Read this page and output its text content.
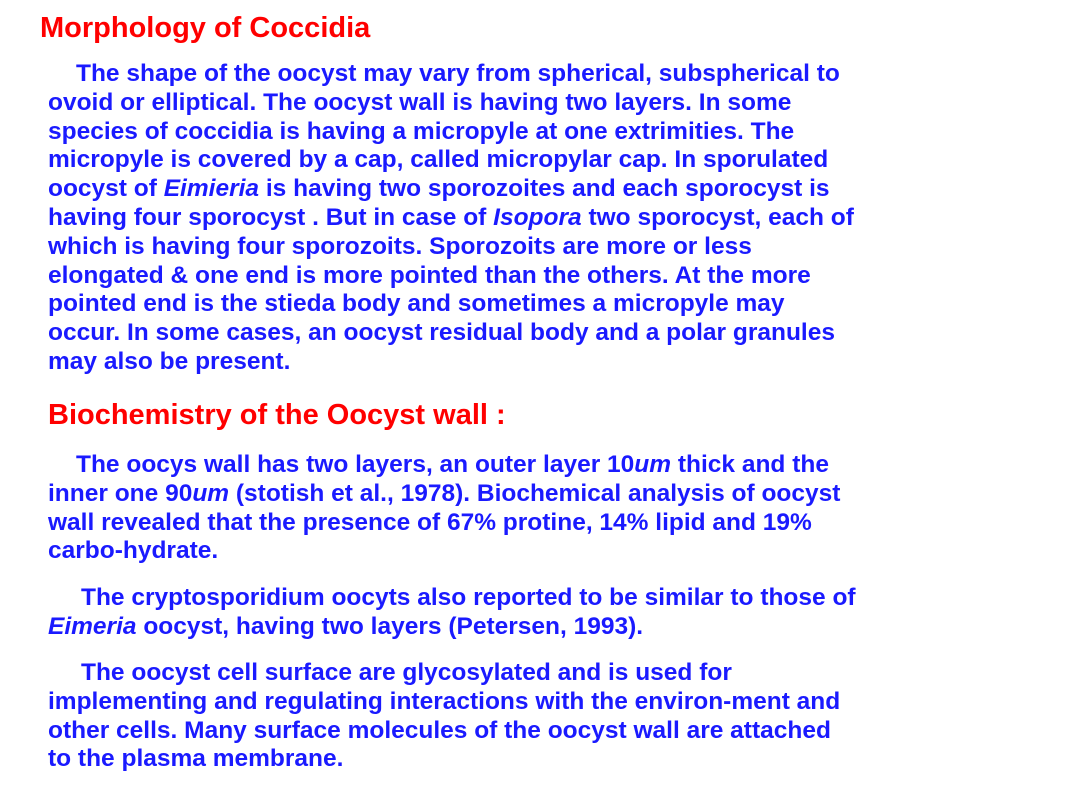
Morphology of Coccidia
The shape of the oocyst may vary from spherical, subspherical to
ovoid or elliptical. The oocyst wall is having two layers. In some
species of coccidia is having a micropyle at one extrimities. The
micropyle is covered by a cap, called micropylar cap. In sporulated
oocyst of Eimieria is having two sporozoites and each sporocyst is
having four sporocyst . But in case of Isopora two sporocyst, each of
which is having four sporozoits. Sporozoits are more or less
elongated & one end is more pointed than the others. At the more
pointed end is the stieda body and sometimes a micropyle may
occur. In some cases, an oocyst residual body and a polar granules
may also be present.
Biochemistry of the Oocyst wall :
The oocys wall has two layers, an outer layer 10um thick and the
inner one 90um (stotish et al., 1978). Biochemical analysis of oocyst
wall revealed that the presence of 67% protine, 14% lipid and 19%
carbo-hydrate.
The cryptosporidium oocyts also reported to be similar to those of
Eimeria oocyst, having two layers (Petersen, 1993).
The oocyst cell surface are glycosylated and is used for
implementing and regulating interactions with the environ-ment and
other cells. Many surface molecules of the oocyst wall are attached
to the plasma membrane.
